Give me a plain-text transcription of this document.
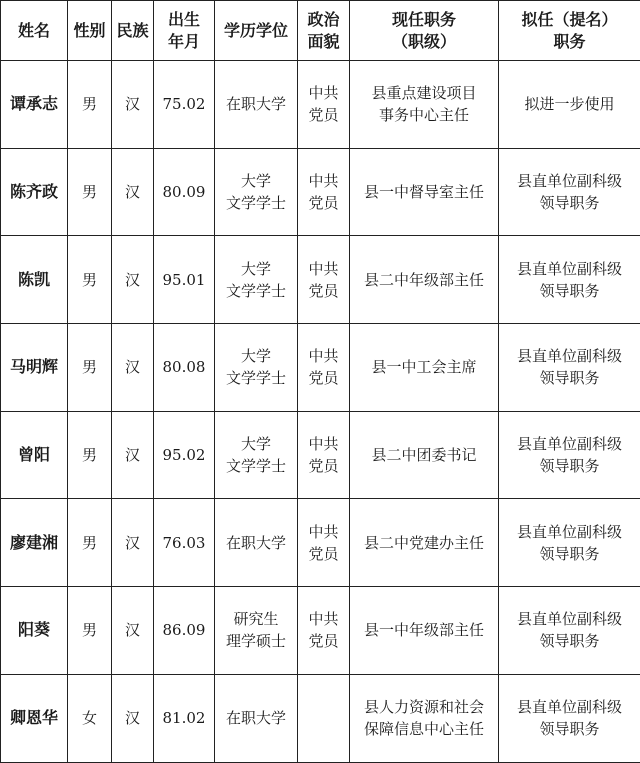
姓名	性别	民族	出生
年月	学历学位	政治
面貌	现任职务
（职级）	拟任（提名）
职务

谭承志	男	汉	75.02	在职大学	中共
党员	县重点建设项目
事务中心主任	拟进一步使用

陈齐政	男	汉	80.09	大学
文学学士	中共
党员	县一中督导室主任	县直单位副科级
领导职务

陈凯	男	汉	95.01	大学
文学学士	中共
党员	县二中年级部主任	县直单位副科级
领导职务

马明辉	男	汉	80.08	大学
文学学士	中共
党员	县一中工会主席	县直单位副科级
领导职务

曾阳	男	汉	95.02	大学
文学学士	中共
党员	县二中团委书记	县直单位副科级
领导职务

廖建湘	男	汉	76.03	在职大学	中共
党员	县二中党建办主任	县直单位副科级
领导职务

阳葵	男	汉	86.09	研究生
理学硕士	中共
党员	县一中年级部主任	县直单位副科级
领导职务

卿恩华	女	汉	81.02	在职大学		县人力资源和社会
保障信息中心主任	县直单位副科级
领导职务
